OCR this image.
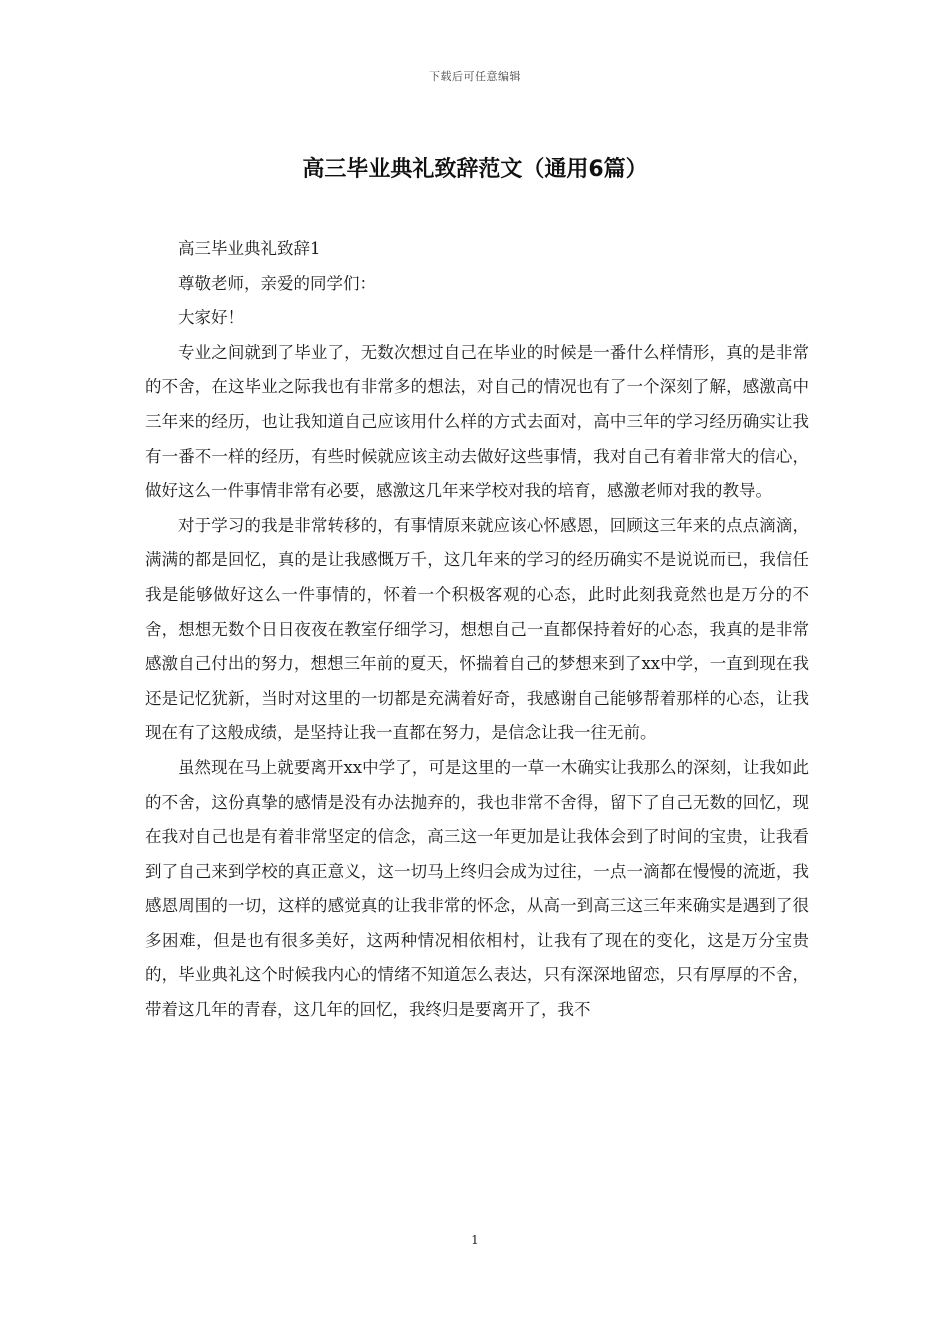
下载后可任意编辑
高三毕业典礼致辞范文（通用6篇）

高三毕业典礼致辞1

尊敬老师，亲爱的同学们：

大家好！

专业之间就到了毕业了，无数次想过自己在毕业的时候是一番什么样情形，真的是非常的不舍，在这毕业之际我也有非常多的想法，对自己的情况也有了一个深刻了解，感激高中三年来的经历，也让我知道自己应该用什么样的方式去面对，高中三年的学习经历确实让我有一番不一样的经历，有些时候就应该主动去做好这些事情，我对自己有着非常大的信心，做好这么一件事情非常有必要，感激这几年来学校对我的培育，感激老师对我的教导。

对于学习的我是非常转移的，有事情原来就应该心怀感恩，回顾这三年来的点点滴滴，满满的都是回忆，真的是让我感慨万千，这几年来的学习的经历确实不是说说而已，我信任我是能够做好这么一件事情的，怀着一个积极客观的心态，此时此刻我竟然也是万分的不舍，想想无数个日日夜夜在教室仔细学习，想想自己一直都保持着好的心态，我真的是非常感激自己付出的努力，想想三年前的夏天，怀揣着自己的梦想来到了xx中学，一直到现在我还是记忆犹新，当时对这里的一切都是充满着好奇，我感谢自己能够帮着那样的心态，让我现在有了这般成绩，是坚持让我一直都在努力，是信念让我一往无前。

虽然现在马上就要离开xx中学了，可是这里的一草一木确实让我那么的深刻，让我如此的不舍，这份真挚的感情是没有办法抛弃的，我也非常不舍得，留下了自己无数的回忆，现在我对自己也是有着非常坚定的信念，高三这一年更加是让我体会到了时间的宝贵，让我看到了自己来到学校的真正意义，这一切马上终归会成为过往，一点一滴都在慢慢的流逝，我感恩周围的一切，这样的感觉真的让我非常的怀念，从高一到高三这三年来确实是遇到了很多困难，但是也有很多美好，这两种情况相依相村，让我有了现在的变化，这是万分宝贵的，毕业典礼这个时候我内心的情绪不知道怎么表达，只有深深地留恋，只有厚厚的不舍，带着这几年的青春，这几年的回忆，我终归是要离开了，我不

1
